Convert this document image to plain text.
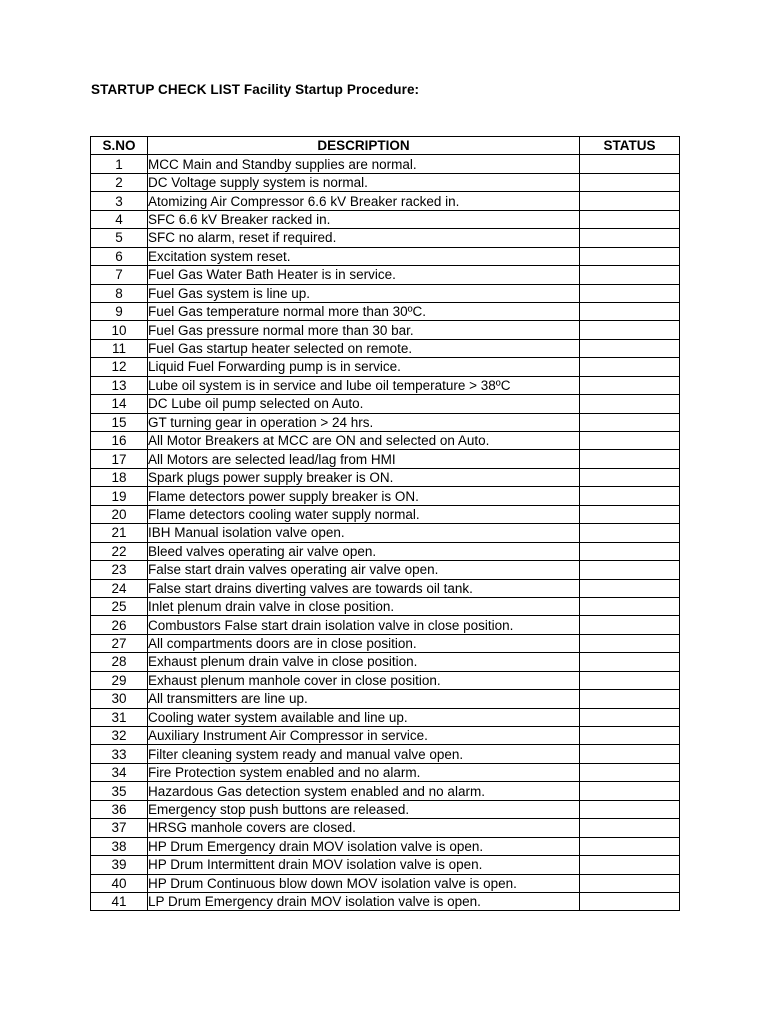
STARTUP CHECK LIST Facility Startup Procedure:
S.NO	DESCRIPTION	STATUS
1	MCC Main and Standby supplies are normal.	
2	DC Voltage supply system is normal.	
3	Atomizing Air Compressor 6.6 kV Breaker racked in.	
4	SFC 6.6 kV Breaker racked in.	
5	SFC no alarm, reset if required.	
6	Excitation system reset.	
7	Fuel Gas Water Bath Heater is in service.	
8	Fuel Gas system is line up.	
9	Fuel Gas temperature normal more than 30ºC.	
10	Fuel Gas pressure normal more than 30 bar.	
11	Fuel Gas startup heater selected on remote.	
12	Liquid Fuel Forwarding pump is in service.	
13	Lube oil system is in service and lube oil temperature > 38ºC	
14	DC Lube oil pump selected on Auto.	
15	GT turning gear in operation > 24 hrs.	
16	All Motor Breakers at MCC are ON and selected on Auto.	
17	All Motors are selected lead/lag from HMI	
18	Spark plugs power supply breaker is ON.	
19	Flame detectors power supply breaker is ON.	
20	Flame detectors cooling water supply normal.	
21	IBH Manual isolation valve open.	
22	Bleed valves operating air valve open.	
23	False start drain valves operating air valve open.	
24	False start drains diverting valves are towards oil tank.	
25	Inlet plenum drain valve in close position.	
26	Combustors False start drain isolation valve in close position.	
27	All compartments doors are in close position.	
28	Exhaust plenum drain valve in close position.	
29	Exhaust plenum manhole cover in close position.	
30	All transmitters are line up.	
31	Cooling water system available and line up.	
32	Auxiliary Instrument Air Compressor in service.	
33	Filter cleaning system ready and manual valve open.	
34	Fire Protection system enabled and no alarm.	
35	Hazardous Gas detection system enabled and no alarm.	
36	Emergency stop push buttons are released.	
37	HRSG manhole covers are closed.	
38	HP Drum Emergency drain MOV isolation valve is open.	
39	HP Drum Intermittent drain MOV isolation valve is open.	
40	HP Drum Continuous blow down MOV isolation valve is open.	
41	LP Drum Emergency drain MOV isolation valve is open.	
